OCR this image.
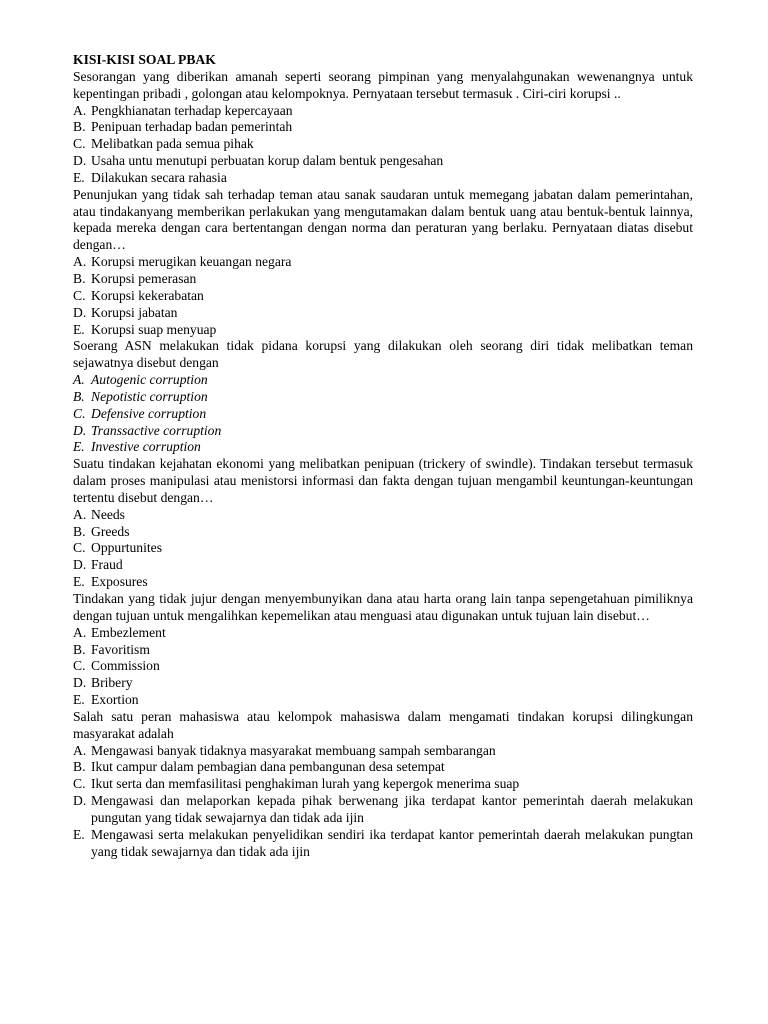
KISI-KISI SOAL PBAK

Sesorangan yang diberikan amanah seperti seorang pimpinan yang menyalahgunakan wewenangnya untuk kepentingan pribadi , golongan atau kelompoknya. Pernyataan tersebut termasuk . Ciri-ciri korupsi ..

A. Pengkhianatan terhadap kepercayaan
B. Penipuan terhadap badan pemerintah
C. Melibatkan pada semua pihak
D. Usaha untu menutupi perbuatan korup dalam bentuk pengesahan
E. Dilakukan secara rahasia

Penunjukan yang tidak sah terhadap teman atau sanak saudaran untuk memegang jabatan dalam pemerintahan, atau tindakanyang memberikan perlakukan yang mengutamakan dalam bentuk uang atau bentuk-bentuk lainnya, kepada mereka dengan cara bertentangan dengan norma dan peraturan yang berlaku. Pernyataan diatas disebut dengan…

A. Korupsi merugikan keuangan negara
B. Korupsi pemerasan
C. Korupsi kekerabatan
D. Korupsi jabatan
E. Korupsi suap menyuap

Soerang ASN melakukan tidak pidana korupsi yang dilakukan oleh seorang diri tidak melibatkan teman sejawatnya disebut dengan

A. Autogenic corruption
B. Nepotistic corruption
C. Defensive corruption
D. Transsactive corruption
E. Investive corruption

Suatu tindakan kejahatan ekonomi yang melibatkan penipuan (trickery of swindle). Tindakan tersebut termasuk dalam proses manipulasi atau menistorsi informasi dan fakta dengan tujuan mengambil keuntungan-keuntungan tertentu disebut dengan…

A. Needs
B. Greeds
C. Oppurtunites
D. Fraud
E. Exposures

Tindakan yang tidak jujur dengan menyembunyikan dana atau harta orang lain tanpa sepengetahuan pimiliknya dengan tujuan untuk mengalihkan kepemelikan atau menguasi atau digunakan untuk tujuan lain disebut…

A. Embezlement
B. Favoritism
C. Commission
D. Bribery
E. Exortion

Salah satu peran mahasiswa atau kelompok mahasiswa dalam mengamati tindakan korupsi dilingkungan masyarakat adalah

A. Mengawasi banyak tidaknya masyarakat membuang sampah sembarangan
B. Ikut campur dalam pembagian dana pembangunan desa setempat
C. Ikut serta dan memfasilitasi penghakiman lurah yang kepergok menerima suap
D. Mengawasi dan melaporkan kepada pihak berwenang jika terdapat kantor pemerintah daerah melakukan pungutan yang tidak sewajarnya dan tidak ada ijin
E. Mengawasi serta melakukan penyelidikan sendiri ika terdapat kantor pemerintah daerah melakukan pungtan yang tidak sewajarnya dan tidak ada ijin
